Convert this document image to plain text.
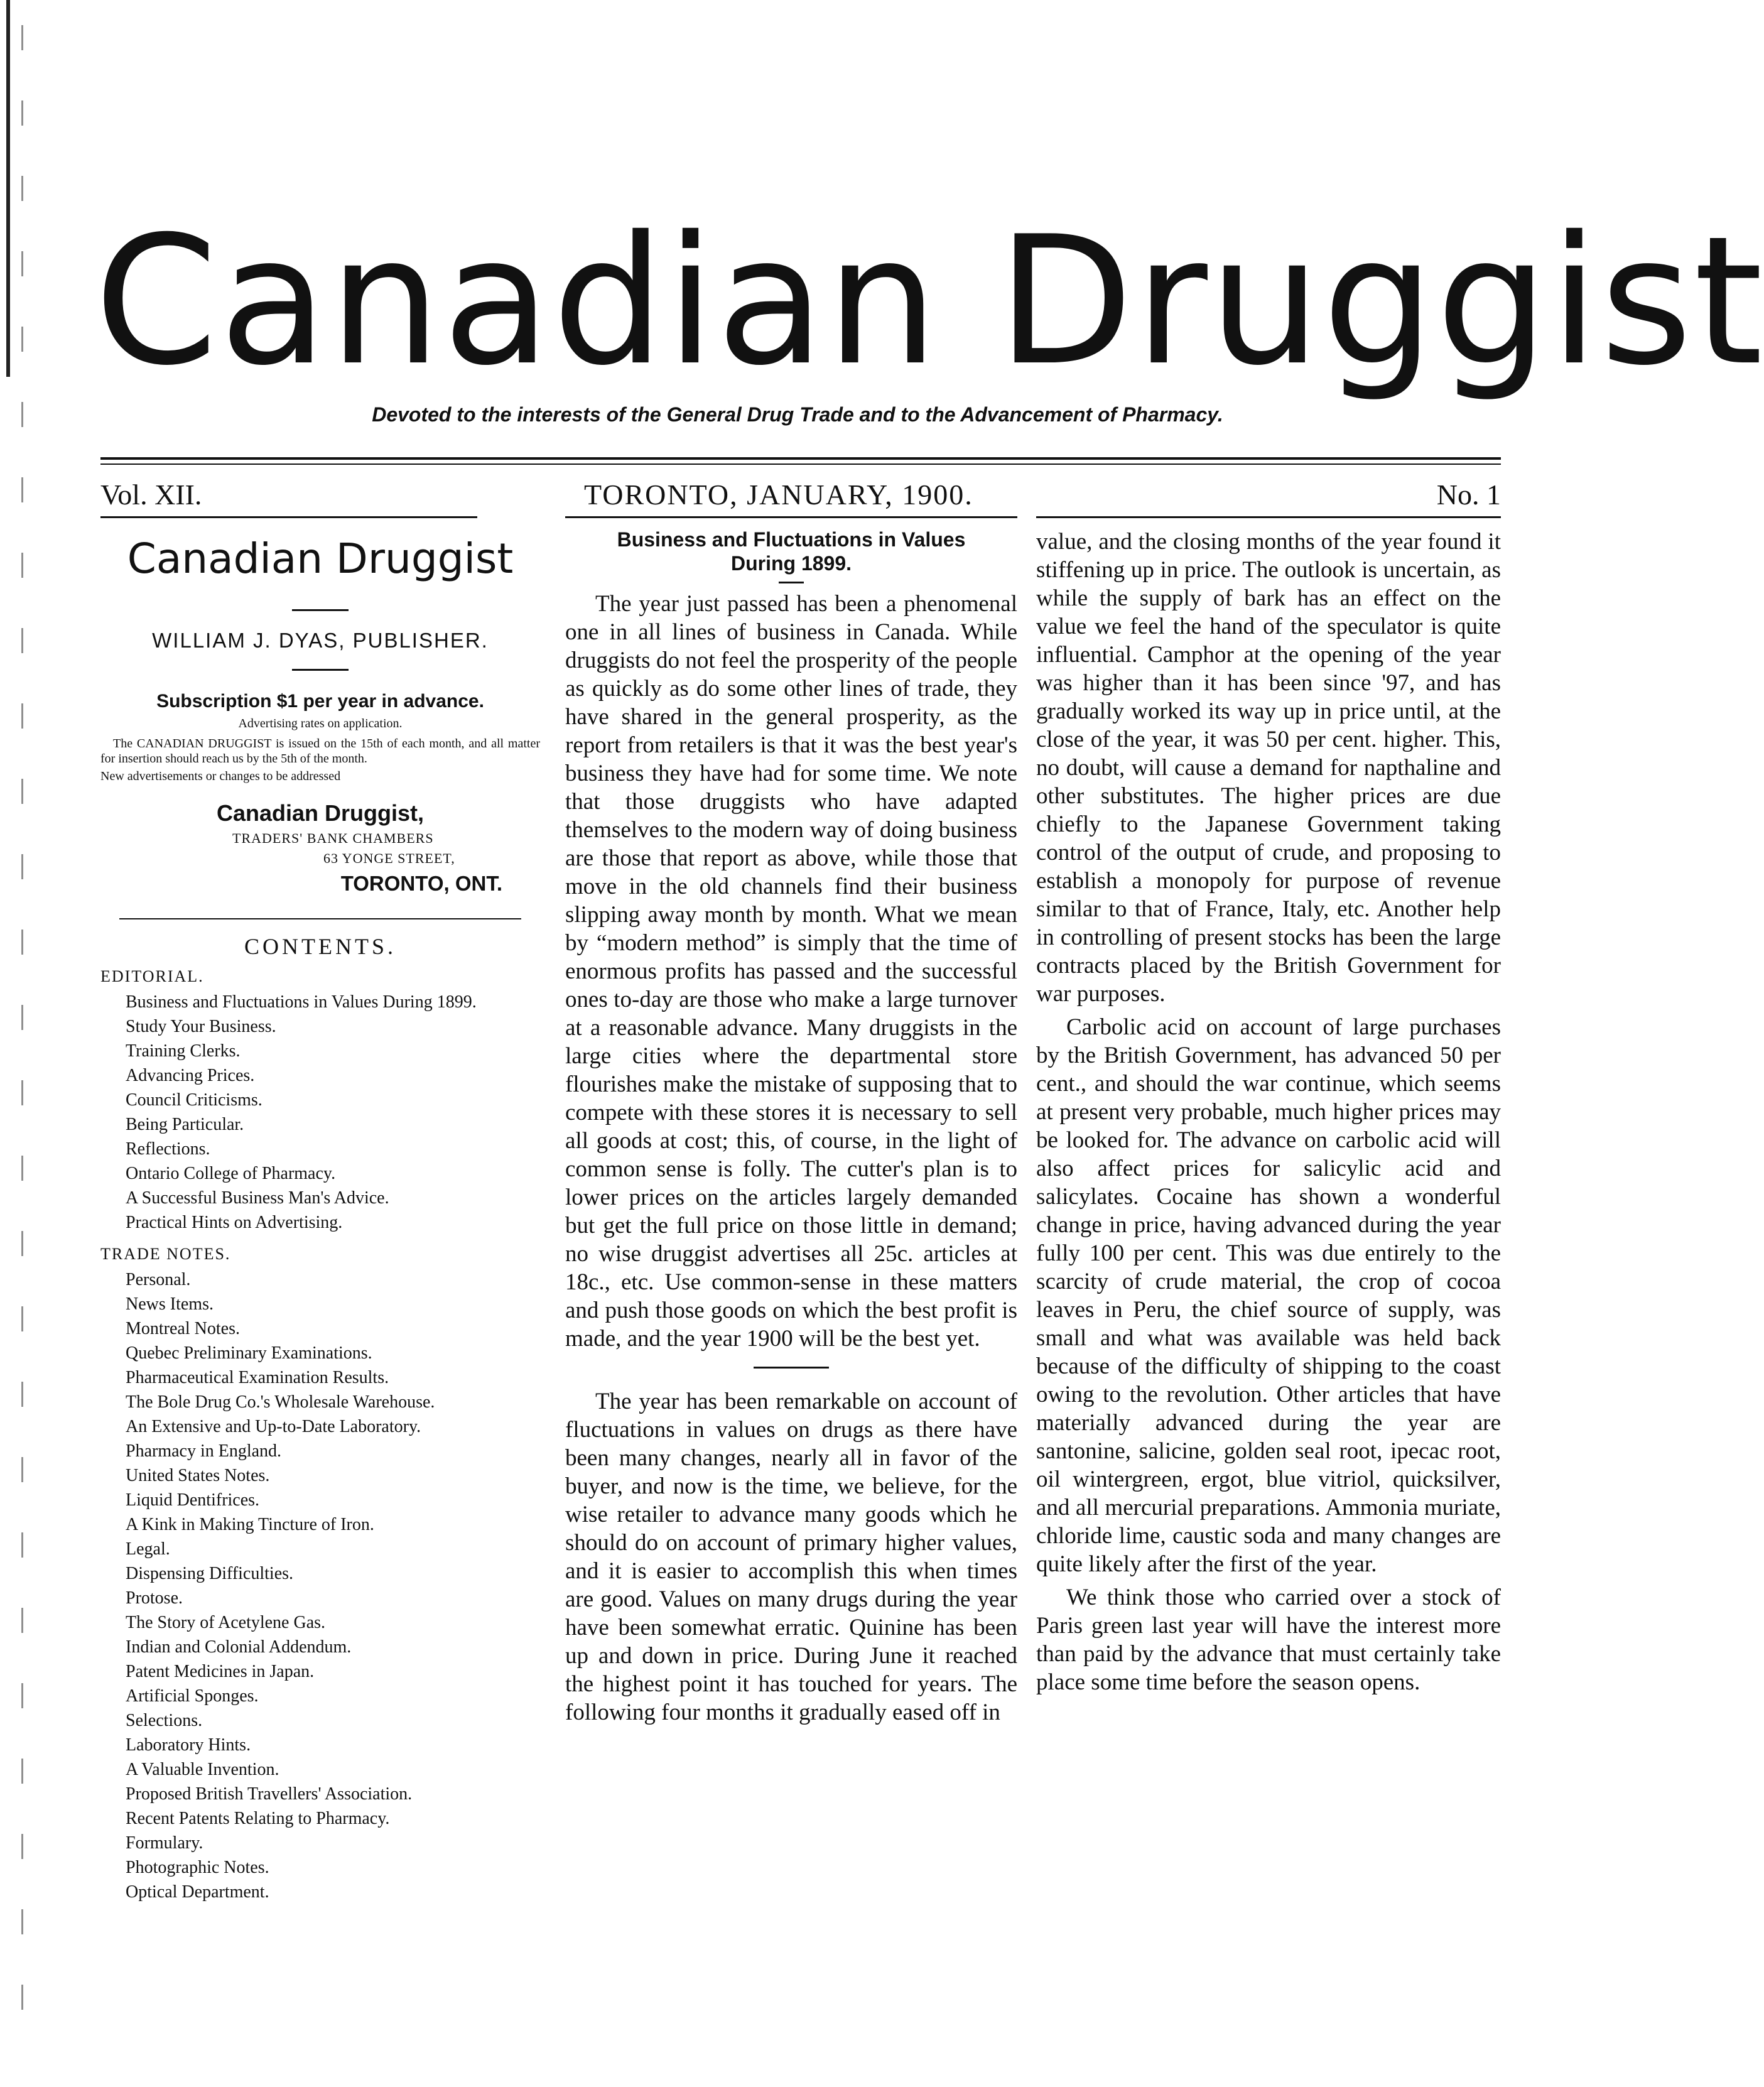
Canadian Druggist
Devoted to the interests of the General Drug Trade and to the Advancement of Pharmacy.
Vol. XII.	TORONTO, JANUARY, 1900.	No. 1
Canadian Druggist
WILLIAM J. DYAS, PUBLISHER.
Subscription $1 per year in advance.
Advertising rates on application.
The CANADIAN DRUGGIST is issued on the 15th of each month, and all matter for insertion should reach us by the 5th of the month.
New advertisements or changes to be addressed
Canadian Druggist,
TRADERS' BANK CHAMBERS
63 YONGE STREET,
TORONTO, ONT.
CONTENTS.
EDITORIAL.
Business and Fluctuations in Values During 1899.
Study Your Business.
Training Clerks.
Advancing Prices.
Council Criticisms.
Being Particular.
Reflections.
Ontario College of Pharmacy.
A Successful Business Man's Advice.
Practical Hints on Advertising.
TRADE NOTES.
Personal.
News Items.
Montreal Notes.
Quebec Preliminary Examinations.
Pharmaceutical Examination Results.
The Bole Drug Co.'s Wholesale Warehouse.
An Extensive and Up-to-Date Laboratory.
Pharmacy in England.
United States Notes.
Liquid Dentifrices.
A Kink in Making Tincture of Iron.
Legal.
Dispensing Difficulties.
Protose.
The Story of Acetylene Gas.
Indian and Colonial Addendum.
Patent Medicines in Japan.
Artificial Sponges.
Selections.
Laboratory Hints.
A Valuable Invention.
Proposed British Travellers' Association.
Recent Patents Relating to Pharmacy.
Formulary.
Photographic Notes.
Optical Department.
Business and Fluctuations in Values During 1899.

The year just passed has been a phenomenal one in all lines of business in Canada. While druggists do not feel the prosperity of the people as quickly as do some other lines of trade, they have shared in the general prosperity, as the report from retailers is that it was the best year's business they have had for some time. We note that those druggists who have adapted themselves to the modern way of doing business are those that report as above, while those that move in the old channels find their business slipping away month by month. What we mean by “modern method” is simply that the time of enormous profits has passed and the successful ones to-day are those who make a large turnover at a reasonable advance. Many druggists in the large cities where the departmental store flourishes make the mistake of supposing that to compete with these stores it is necessary to sell all goods at cost; this, of course, in the light of common sense is folly. The cutter's plan is to lower prices on the articles largely demanded but get the full price on those little in demand; no wise druggist advertises all 25c. articles at 18c., etc. Use common-sense in these matters and push those goods on which the best profit is made, and the year 1900 will be the best yet.

The year has been remarkable on account of fluctuations in values on drugs as there have been many changes, nearly all in favor of the buyer, and now is the time, we believe, for the wise retailer to advance many goods which he should do on account of primary higher values, and it is easier to accomplish this when times are good. Values on many drugs during the year have been somewhat erratic. Quinine has been up and down in price. During June it reached the highest point it has touched for years. The following four months it gradually eased off in

value, and the closing months of the year found it stiffening up in price. The outlook is uncertain, as while the supply of bark has an effect on the value we feel the hand of the speculator is quite influential. Camphor at the opening of the year was higher than it has been since '97, and has gradually worked its way up in price until, at the close of the year, it was 50 per cent. higher. This, no doubt, will cause a demand for napthaline and other substitutes. The higher prices are due chiefly to the Japanese Government taking control of the output of crude, and proposing to establish a monopoly for purpose of revenue similar to that of France, Italy, etc. Another help in controlling of present stocks has been the large contracts placed by the British Government for war purposes.

Carbolic acid on account of large purchases by the British Government, has advanced 50 per cent., and should the war continue, which seems at present very probable, much higher prices may be looked for. The advance on carbolic acid will also affect prices for salicylic acid and salicylates. Cocaine has shown a wonderful change in price, having advanced during the year fully 100 per cent. This was due entirely to the scarcity of crude material, the crop of cocoa leaves in Peru, the chief source of supply, was small and what was available was held back because of the difficulty of shipping to the coast owing to the revolution. Other articles that have materially advanced during the year are santonine, salicine, golden seal root, ipecac root, oil wintergreen, ergot, blue vitriol, quicksilver, and all mercurial preparations. Ammonia muriate, chloride lime, caustic soda and many changes are quite likely after the first of the year.

We think those who carried over a stock of Paris green last year will have the interest more than paid by the advance that must certainly take place some time before the season opens.
